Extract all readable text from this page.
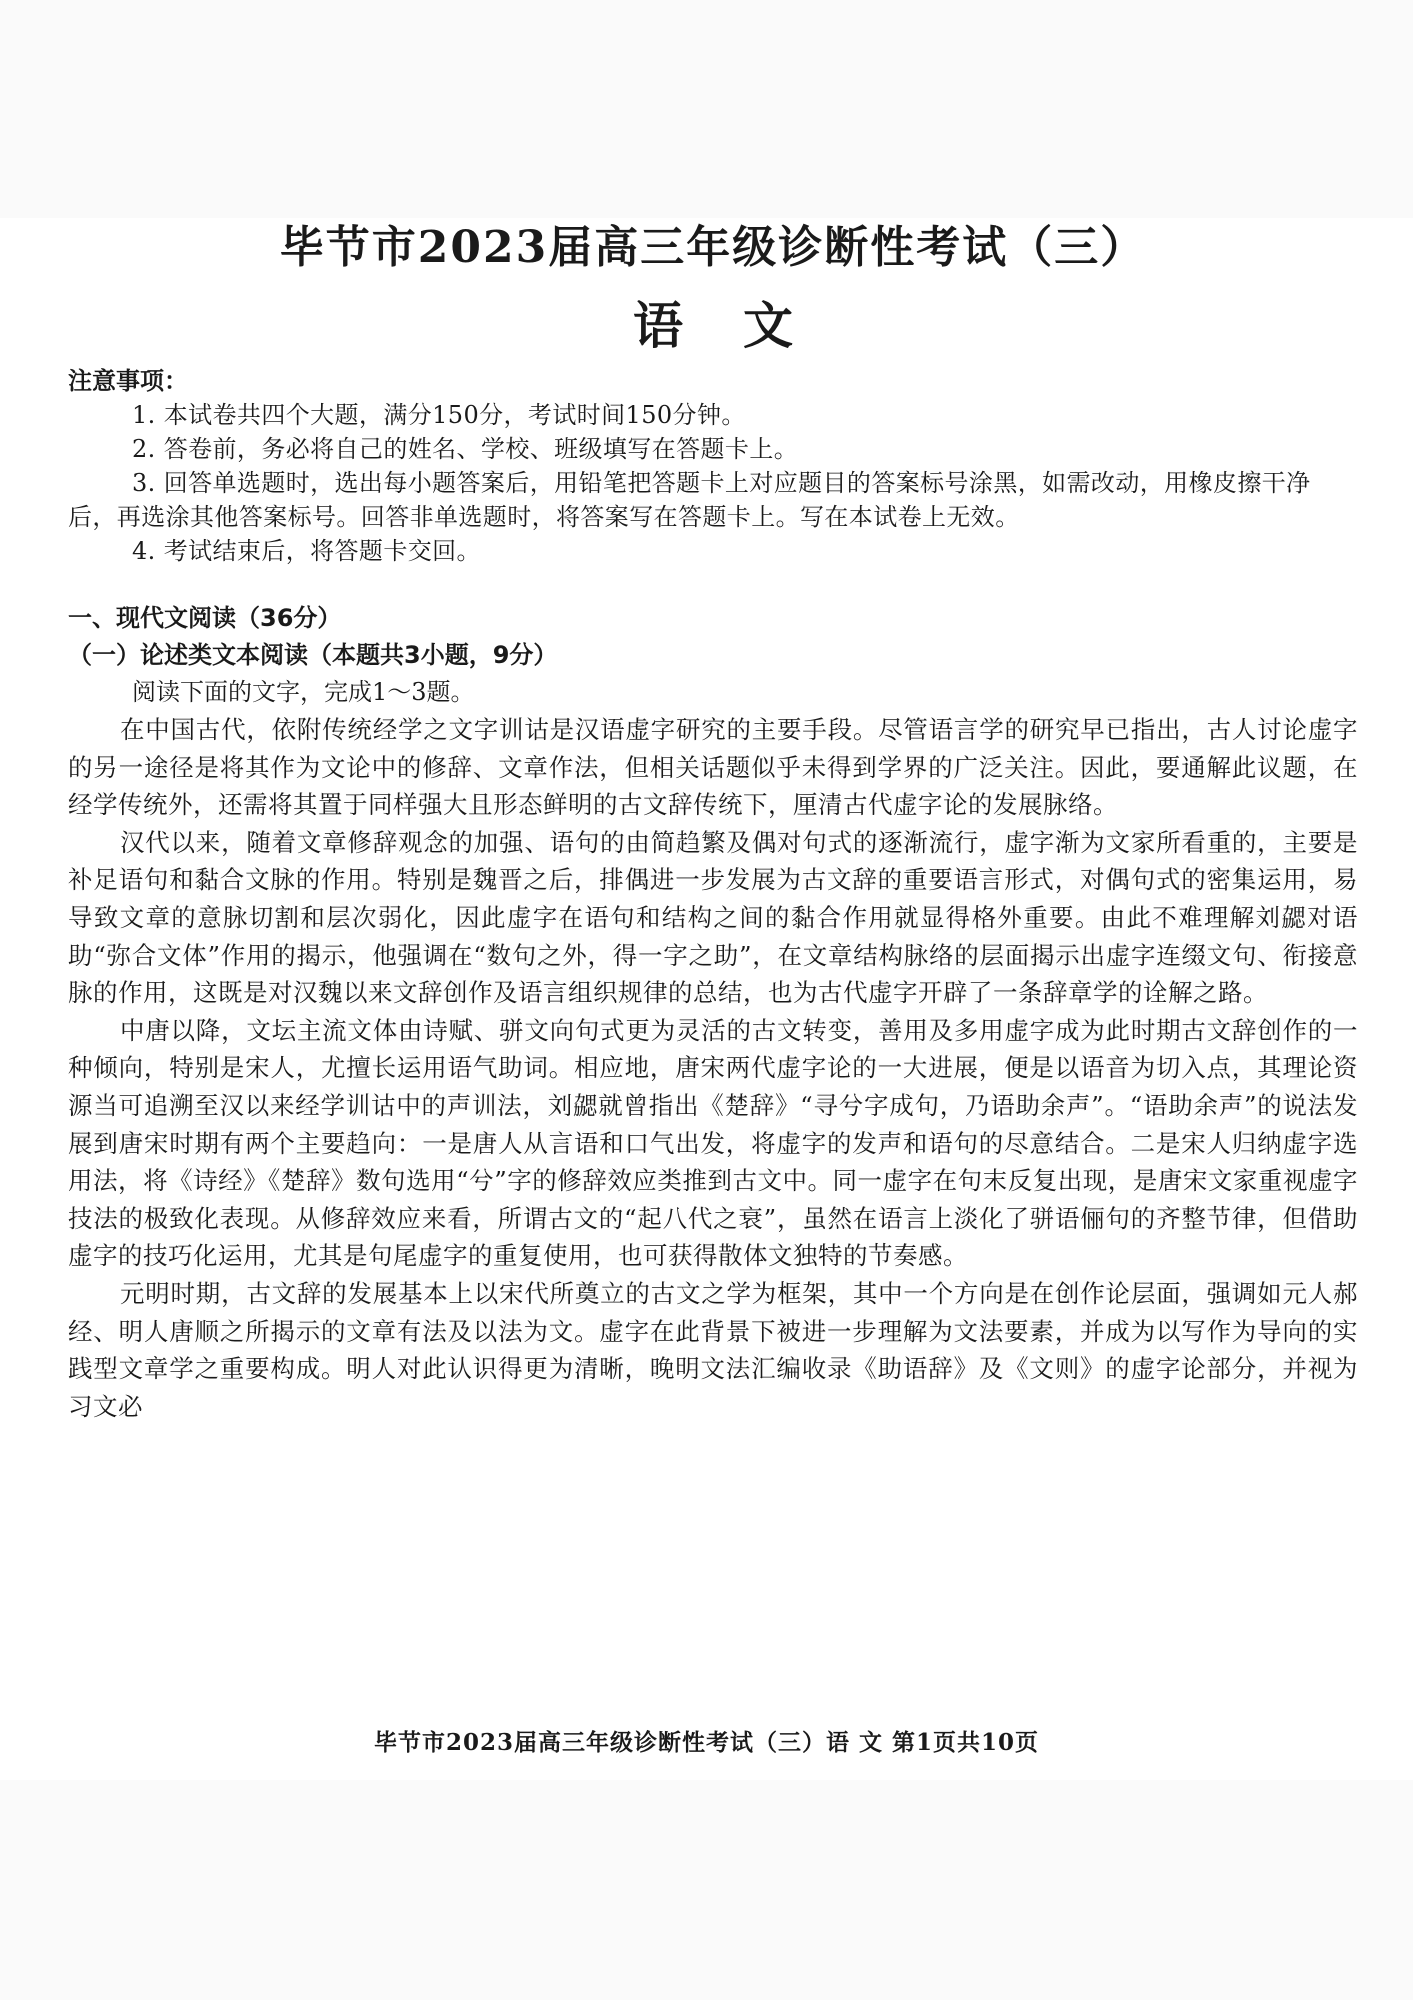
毕节市2023届高三年级诊断性考试（三）
语文
注意事项：
1. 本试卷共四个大题，满分150分，考试时间150分钟。
2. 答卷前，务必将自己的姓名、学校、班级填写在答题卡上。
3. 回答单选题时，选出每小题答案后，用铅笔把答题卡上对应题目的答案标号涂黑，如需改动，用橡皮擦干净后，再选涂其他答案标号。回答非单选题时，将答案写在答题卡上。写在本试卷上无效。
4. 考试结束后，将答题卡交回。
一、现代文阅读（36分）
（一）论述类文本阅读（本题共3小题，9分）
阅读下面的文字，完成1～3题。

在中国古代，依附传统经学之文字训诂是汉语虚字研究的主要手段。尽管语言学的研究早已指出，古人讨论虚字的另一途径是将其作为文论中的修辞、文章作法，但相关话题似乎未得到学界的广泛关注。因此，要通解此议题，在经学传统外，还需将其置于同样强大且形态鲜明的古文辞传统下，厘清古代虚字论的发展脉络。

汉代以来，随着文章修辞观念的加强、语句的由简趋繁及偶对句式的逐渐流行，虚字渐为文家所看重的，主要是补足语句和黏合文脉的作用。特别是魏晋之后，排偶进一步发展为古文辞的重要语言形式，对偶句式的密集运用，易导致文章的意脉切割和层次弱化，因此虚字在语句和结构之间的黏合作用就显得格外重要。由此不难理解刘勰对语助“弥合文体”作用的揭示，他强调在“数句之外，得一字之助”，在文章结构脉络的层面揭示出虚字连缀文句、衔接意脉的作用，这既是对汉魏以来文辞创作及语言组织规律的总结，也为古代虚字开辟了一条辞章学的诠解之路。

中唐以降，文坛主流文体由诗赋、骈文向句式更为灵活的古文转变，善用及多用虚字成为此时期古文辞创作的一种倾向，特别是宋人，尤擅长运用语气助词。相应地，唐宋两代虚字论的一大进展，便是以语音为切入点，其理论资源当可追溯至汉以来经学训诂中的声训法，刘勰就曾指出《楚辞》“寻兮字成句，乃语助余声”。“语助余声”的说法发展到唐宋时期有两个主要趋向：一是唐人从言语和口气出发，将虚字的发声和语句的尽意结合。二是宋人归纳虚字选用法，将《诗经》《楚辞》数句选用“兮”字的修辞效应类推到古文中。同一虚字在句末反复出现，是唐宋文家重视虚字技法的极致化表现。从修辞效应来看，所谓古文的“起八代之衰”，虽然在语言上淡化了骈语俪句的齐整节律，但借助虚字的技巧化运用，尤其是句尾虚字的重复使用，也可获得散体文独特的节奏感。

元明时期，古文辞的发展基本上以宋代所奠立的古文之学为框架，其中一个方向是在创作论层面，强调如元人郝经、明人唐顺之所揭示的文章有法及以法为文。虚字在此背景下被进一步理解为文法要素，并成为以写作为导向的实践型文章学之重要构成。明人对此认识得更为清晰，晚明文法汇编收录《助语辞》及《文则》的虚字论部分，并视为习文必

毕节市2023届高三年级诊断性考试（三）语 文 第1页共10页
